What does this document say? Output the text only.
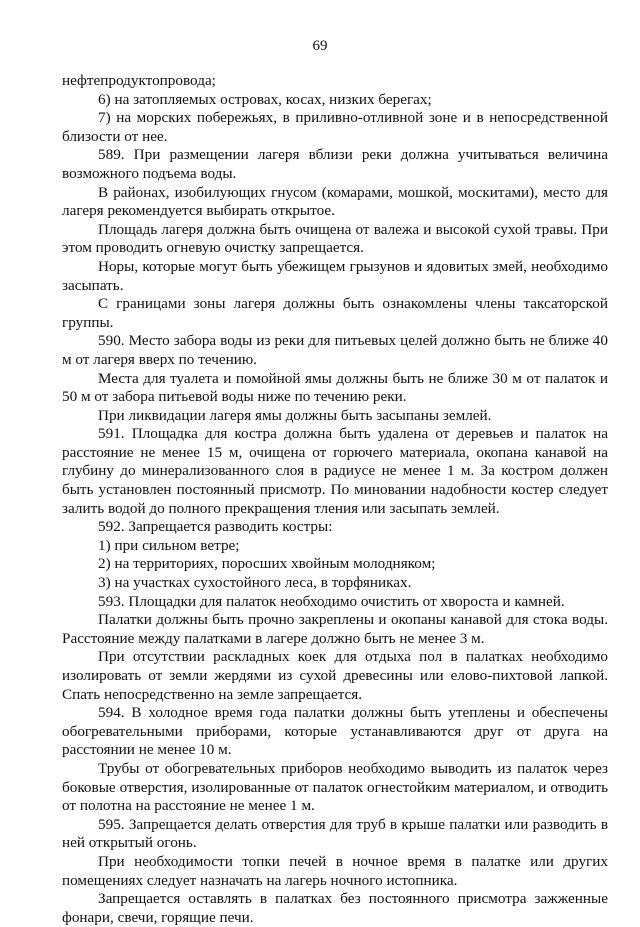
69

нефтепродуктопровода;

6) на затопляемых островах, косах, низких берегах;

7) на морских побережьях, в приливно-отливной зоне и в непосредственной близости от нее.

589. При размещении лагеря вблизи реки должна учитываться величина возможного подъема воды.

В районах, изобилующих гнусом (комарами, мошкой, москитами), место для лагеря рекомендуется выбирать открытое.

Площадь лагеря должна быть очищена от валежа и высокой сухой травы. При этом проводить огневую очистку запрещается.

Норы, которые могут быть убежищем грызунов и ядовитых змей, необходимо засыпать.

С границами зоны лагеря должны быть ознакомлены члены таксаторской группы.

590. Место забора воды из реки для питьевых целей должно быть не ближе 40 м от лагеря вверх по течению.

Места для туалета и помойной ямы должны быть не ближе 30 м от палаток и 50 м от забора питьевой воды ниже по течению реки.

При ликвидации лагеря ямы должны быть засыпаны землей.

591. Площадка для костра должна быть удалена от деревьев и палаток на расстояние не менее 15 м, очищена от горючего материала, окопана канавой на глубину до минерализованного слоя в радиусе не менее 1 м. За костром должен быть установлен постоянный присмотр. По миновании надобности костер следует залить водой до полного прекращения тления или засыпать землей.

592. Запрещается разводить костры:

1) при сильном ветре;

2) на территориях, поросших хвойным молодняком;

3) на участках сухостойного леса, в торфяниках.

593. Площадки для палаток необходимо очистить от хвороста и камней.

Палатки должны быть прочно закреплены и окопаны канавой для стока воды. Расстояние между палатками в лагере должно быть не менее 3 м.

При отсутствии раскладных коек для отдыха пол в палатках необходимо изолировать от земли жердями из сухой древесины или елово-пихтовой лапкой. Спать непосредственно на земле запрещается.

594. В холодное время года палатки должны быть утеплены и обеспечены обогревательными приборами, которые устанавливаются друг от друга на расстоянии не менее 10 м.

Трубы от обогревательных приборов необходимо выводить из палаток через боковые отверстия, изолированные от палаток огнестойким материалом, и отводить от полотна на расстояние не менее 1 м.

595. Запрещается делать отверстия для труб в крыше палатки или разводить в ней открытый огонь.

При необходимости топки печей в ночное время в палатке или других помещениях следует назначать на лагерь ночного истопника.

Запрещается оставлять в палатках без постоянного присмотра зажженные фонари, свечи, горящие печи.
